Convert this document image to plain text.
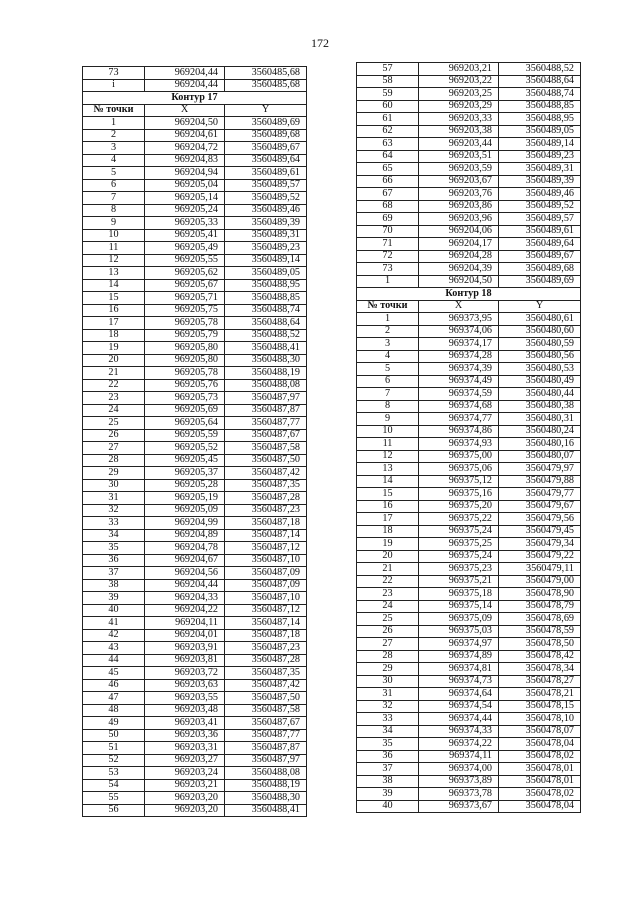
172
73	969204,44	3560485,68
i	969204,44	3560485,68
Контур 17		
№ точки	X	Y
1	969204,50	3560489,69
2	969204,61	3560489,68
3	969204,72	3560489,67
4	969204,83	3560489,64
5	969204,94	3560489,61
6	969205,04	3560489,57
7	969205,14	3560489,52
8	969205,24	3560489,46
9	969205,33	3560489,39
10	969205,41	3560489,31
11	969205,49	3560489,23
12	969205,55	3560489,14
13	969205,62	3560489,05
14	969205,67	3560488,95
15	969205,71	3560488,85
16	969205,75	3560488,74
17	969205,78	3560488,64
18	969205,79	3560488,52
19	969205,80	3560488,41
20	969205,80	3560488,30
21	969205,78	3560488,19
22	969205,76	3560488,08
23	969205,73	3560487,97
24	969205,69	3560487,87
25	969205,64	3560487,77
26	969205,59	3560487,67
27	969205,52	3560487,58
28	969205,45	3560487,50
29	969205,37	3560487,42
30	969205,28	3560487,35
31	969205,19	3560487,28
32	969205,09	3560487,23
33	969204,99	3560487,18
34	969204,89	3560487,14
35	969204,78	3560487,12
36	969204,67	3560487,10
37	969204,56	3560487,09
38	969204,44	3560487,09
39	969204,33	3560487,10
40	969204,22	3560487,12
41	969204,11	3560487,14
42	969204,01	3560487,18
43	969203,91	3560487,23
44	969203,81	3560487,28
45	969203,72	3560487,35
46	969203,63	3560487,42
47	969203,55	3560487,50
48	969203,48	3560487,58
49	969203,41	3560487,67
50	969203,36	3560487,77
51	969203,31	3560487,87
52	969203,27	3560487,97
53	969203,24	3560488,08
54	969203,21	3560488,19
55	969203,20	3560488,30
56	969203,20	3560488,41
57	969203,21	3560488,52
58	969203,22	3560488,64
59	969203,25	3560488,74
60	969203,29	3560488,85
61	969203,33	3560488,95
62	969203,38	3560489,05
63	969203,44	3560489,14
64	969203,51	3560489,23
65	969203,59	3560489,31
66	969203,67	3560489,39
67	969203,76	3560489,46
68	969203,86	3560489,52
69	969203,96	3560489,57
70	969204,06	3560489,61
71	969204,17	3560489,64
72	969204,28	3560489,67
73	969204,39	3560489,68
1	969204,50	3560489,69
Контур 18		
№ точки	X	Y
1	969373,95	3560480,61
2	969374,06	3560480,60
3	969374,17	3560480,59
4	969374,28	3560480,56
5	969374,39	3560480,53
6	969374,49	3560480,49
7	969374,59	3560480,44
8	969374,68	3560480,38
9	969374,77	3560480,31
10	969374,86	3560480,24
11	969374,93	3560480,16
12	969375,00	3560480,07
13	969375,06	3560479,97
14	969375,12	3560479,88
15	969375,16	3560479,77
16	969375,20	3560479,67
17	969375,22	3560479,56
18	969375,24	3560479,45
19	969375,25	3560479,34
20	969375,24	3560479,22
21	969375,23	3560479,11
22	969375,21	3560479,00
23	969375,18	3560478,90
24	969375,14	3560478,79
25	969375,09	3560478,69
26	969375,03	3560478,59
27	969374,97	3560478,50
28	969374,89	3560478,42
29	969374,81	3560478,34
30	969374,73	3560478,27
31	969374,64	3560478,21
32	969374,54	3560478,15
33	969374,44	3560478,10
34	969374,33	3560478,07
35	969374,22	3560478,04
36	969374,11	3560478,02
37	969374,00	3560478,01
38	969373,89	3560478,01
39	969373,78	3560478,02
40	969373,67	3560478,04
